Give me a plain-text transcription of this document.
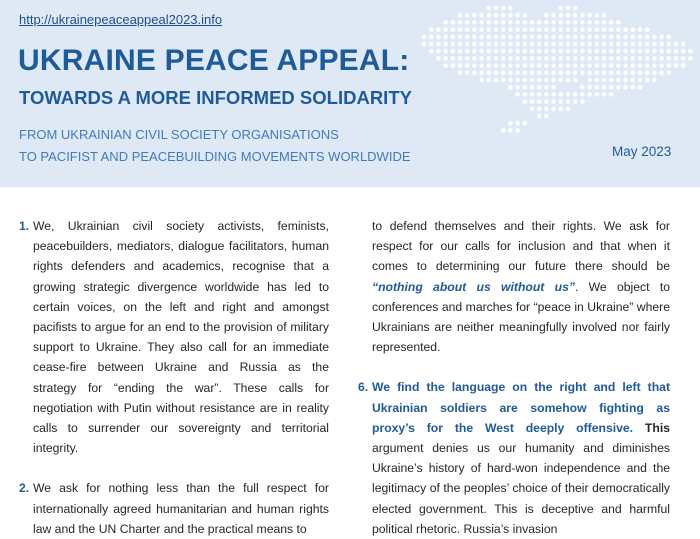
http://ukrainepeaceappeal2023.info
UKRAINE PEACE APPEAL:
TOWARDS A MORE INFORMED SOLIDARITY
FROM UKRAINIAN CIVIL SOCIETY ORGANISATIONS
TO PACIFIST AND PEACEBUILDING MOVEMENTS WORLDWIDE	May 2023
1. We, Ukrainian civil society activists, feminists, peacebuilders, mediators, dialogue facilitators, human rights defenders and academics, recognise that a growing strategic divergence worldwide has led to certain voices, on the left and right and amongst pacifists to argue for an end to the provision of military support to Ukraine. They also call for an immediate cease-fire between Ukraine and Russia as the strategy for “ending the war”. These calls for negotiation with Putin without resistance are in reality calls to surrender our sovereignty and territorial integrity.
2. We ask for nothing less than the full respect for internationally agreed humanitarian and human rights law and the UN Charter and the practical means to
to defend themselves and their rights. We ask for respect for our calls for inclusion and that when it comes to determining our future there should be “nothing about us without us”. We object to conferences and marches for “peace in Ukraine” where Ukrainians are neither meaningfully involved nor fairly represented.
6. We find the language on the right and left that Ukrainian soldiers are somehow fighting as proxy’s for the West deeply offensive. This argument denies us our humanity and diminishes Ukraine’s history of hard-won independence and the legitimacy of the peoples’ choice of their democratically elected government. This is deceptive and harmful political rhetoric. Russia’s invasion
